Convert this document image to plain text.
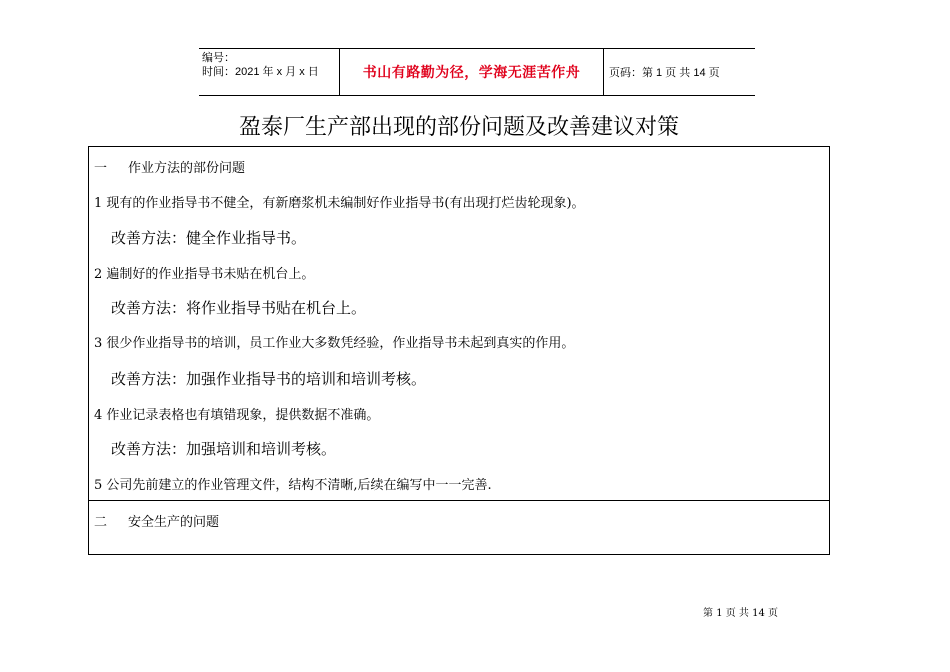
编号：
时间：2021 年 x 月 x 日	书山有路勤为径，学海无涯苦作舟	页码：第 1 页 共 14 页
盈泰厂生产部出现的部份问题及改善建议对策
一 作业方法的部份问题
1 现有的作业指导书不健全，有新磨浆机未编制好作业指导书(有出现打烂齿轮现象)。
改善方法：健全作业指导书。
2 遍制好的作业指导书未贴在机台上。
改善方法：将作业指导书贴在机台上。
3 很少作业指导书的培训，员工作业大多数凭经验，作业指导书未起到真实的作用。
改善方法：加强作业指导书的培训和培训考核。
4 作业记录表格也有填错现象，提供数据不准确。
改善方法：加强培训和培训考核。
5 公司先前建立的作业管理文件，结构不清晰,后续在编写中一一完善.
二 安全生产的问题
第 1 页 共 14 页
